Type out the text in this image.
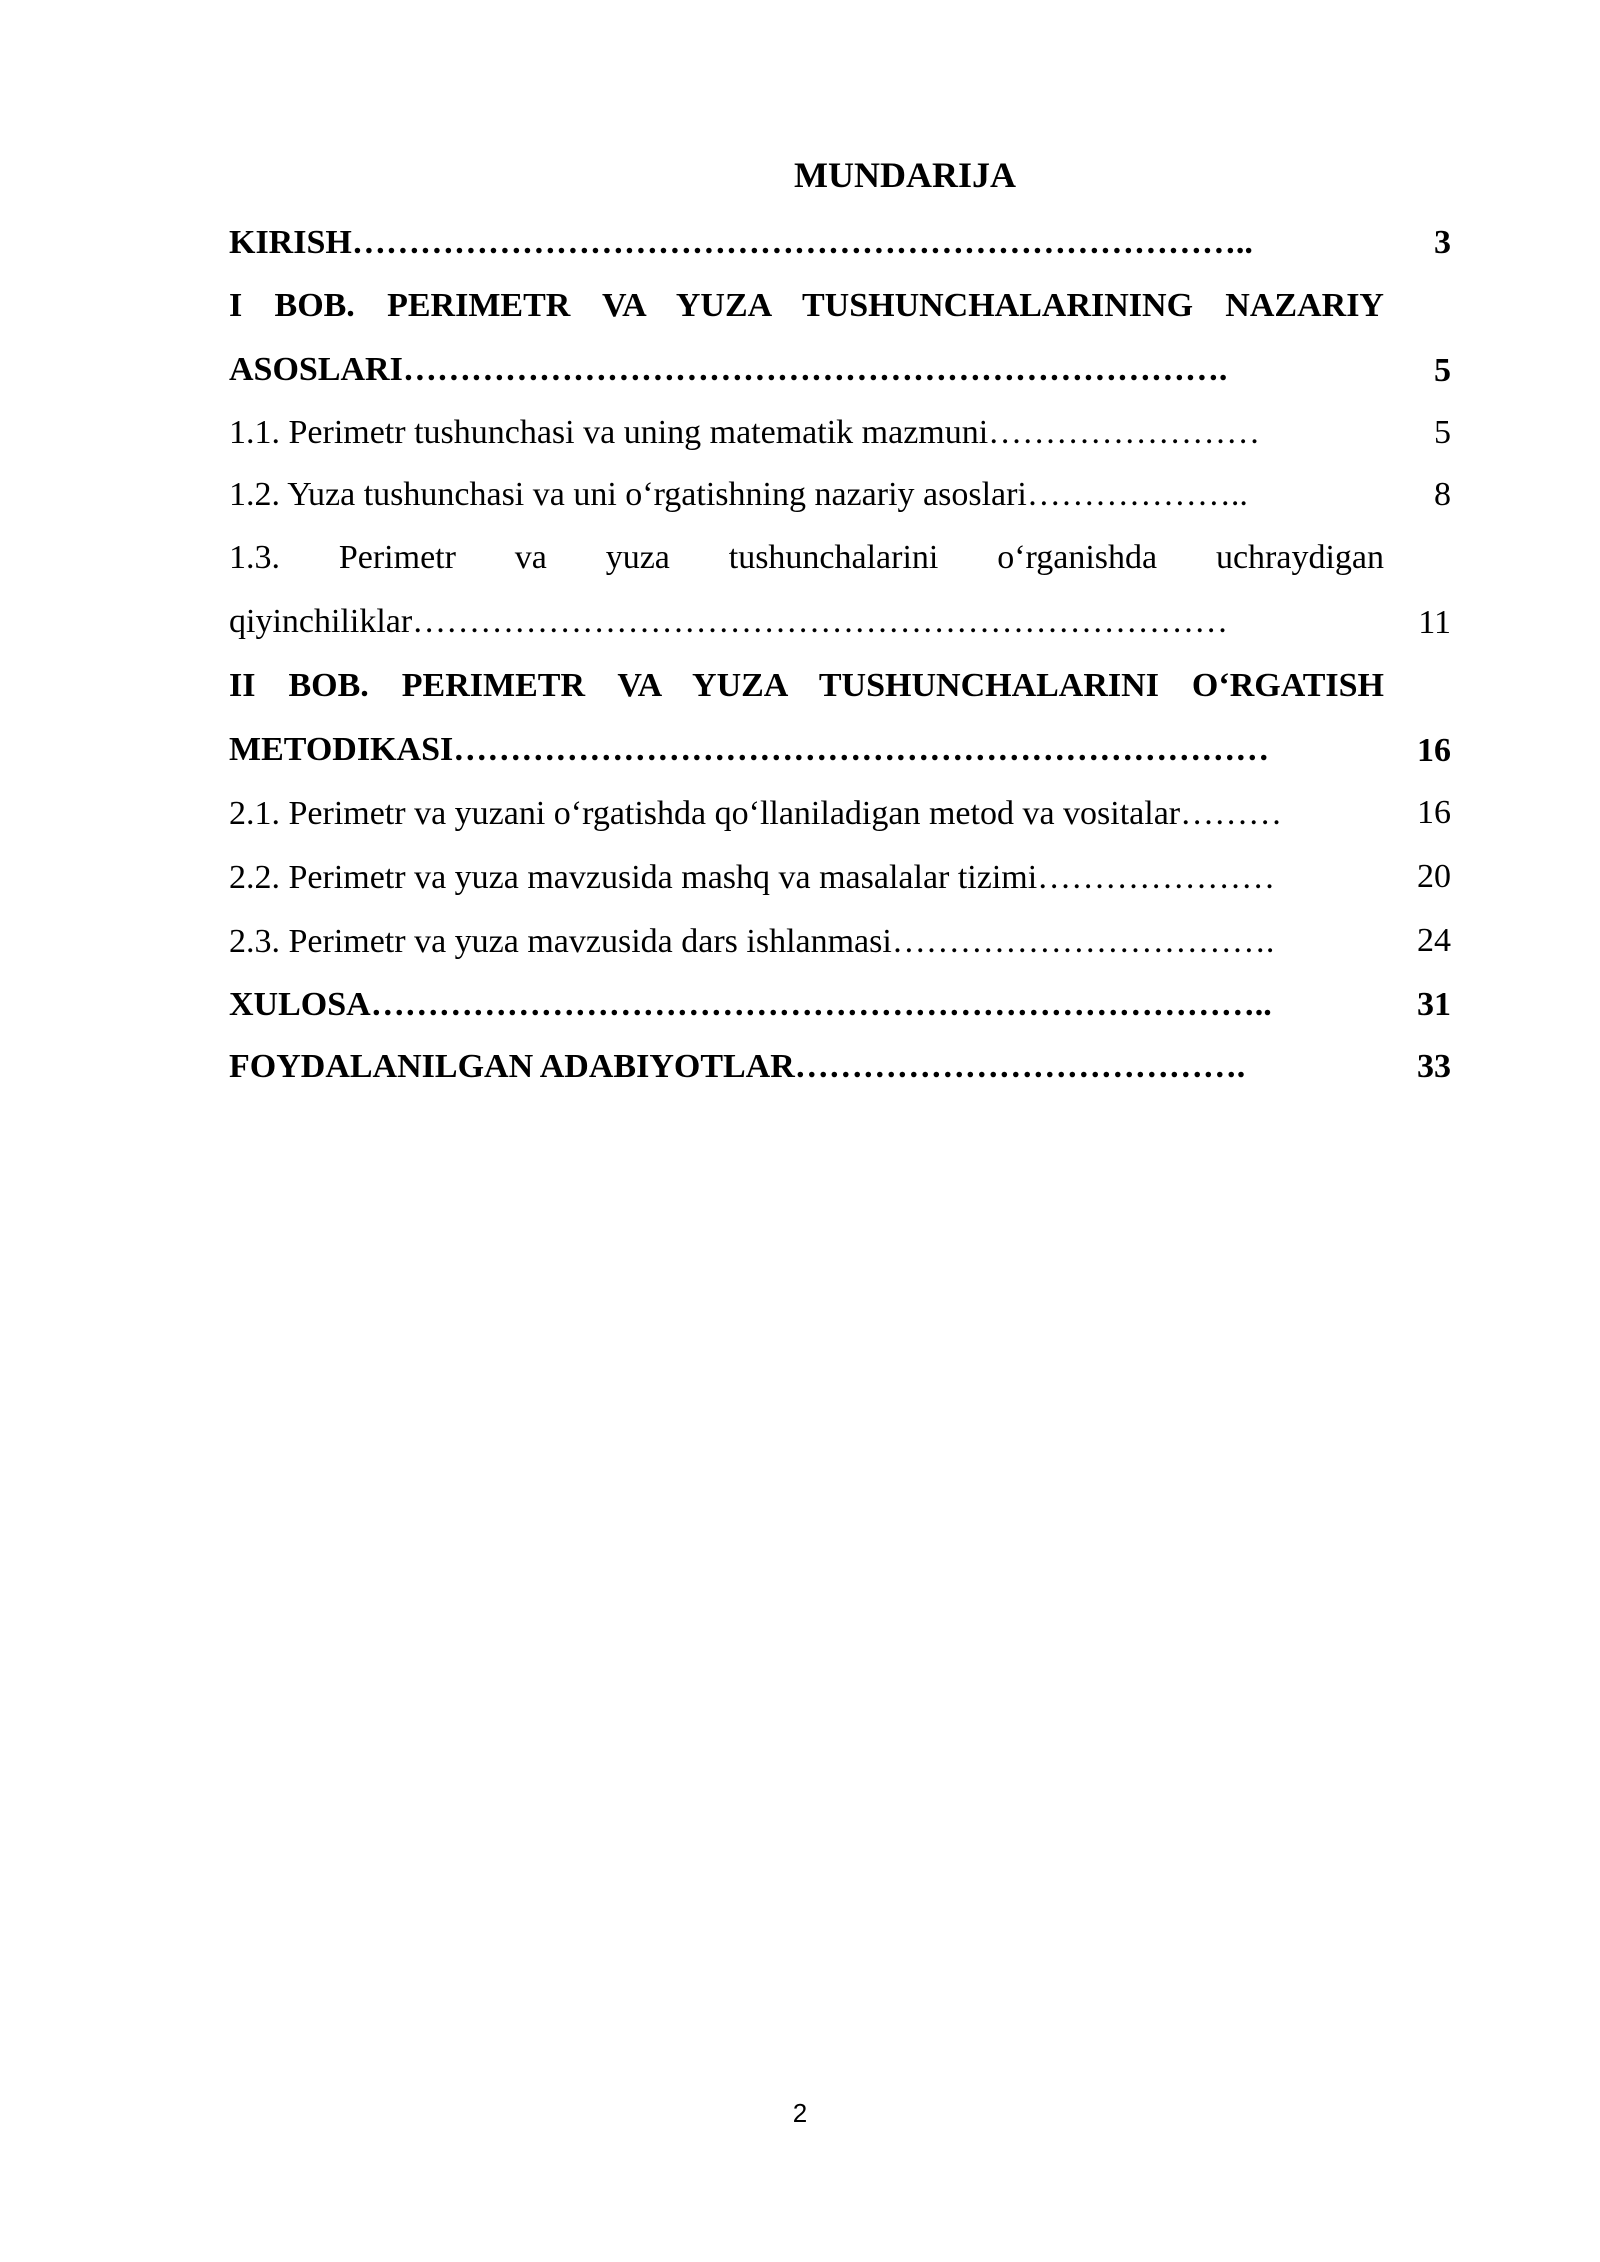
MUNDARIJA
KIRISH……………………………………………………………………..	3
I BOB. PERIMETR VA YUZA TUSHUNCHALARINING NAZARIY ASOSLARI……………………………………………………………….	5
1.1. Perimetr tushunchasi va uning matematik mazmuni……………………	5
1.2. Yuza tushunchasi va uni o‘rgatishning nazariy asoslari………………..	8
1.3. Perimetr va yuza tushunchalarini o‘rganishda uchraydigan qiyinchiliklar………………………………………………………………	11
II BOB. PERIMETR VA YUZA TUSHUNCHALARINI O‘RGATISH METODIKASI………………………………………………………………	16
2.1. Perimetr va yuzani o‘rgatishda qo‘llaniladigan metod va vositalar………	16
2.2. Perimetr va yuza mavzusida mashq va masalalar tizimi…………………	20
2.3. Perimetr va yuza mavzusida dars ishlanmasi…………………………….	24
XULOSA……………………………………………………………………..	31
FOYDALANILGAN ADABIYOTLAR………………………………….	33
2
